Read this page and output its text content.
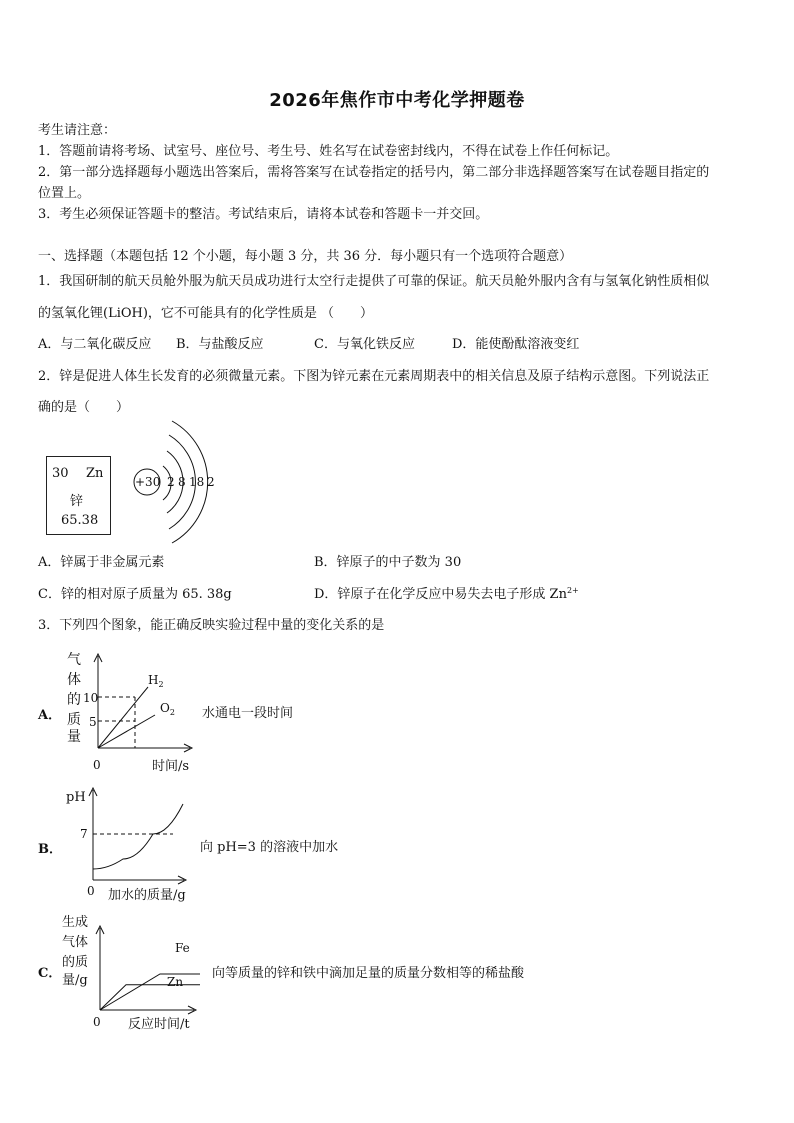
2026年焦作市中考化学押题卷
考生请注意：
1．答题前请将考场、试室号、座位号、考生号、姓名写在试卷密封线内，不得在试卷上作任何标记。
2．第一部分选择题每小题选出答案后，需将答案写在试卷指定的括号内，第二部分非选择题答案写在试卷题目指定的
位置上。
3．考生必须保证答题卡的整洁。考试结束后，请将本试卷和答题卡一并交回。
一、选择题（本题包括 12 个小题，每小题 3 分，共 36 分．每小题只有一个选项符合题意）
1．我国研制的航天员舱外服为航天员成功进行太空行走提供了可靠的保证。航天员舱外服内含有与氢氧化钠性质相似
的氢氧化锂(LiOH)，它不可能具有的化学性质是 （　　）
A．与二氧化碳反应 B．与盐酸反应	C．与氧化铁反应	D．能使酚酞溶液变红
2．锌是促进人体生长发育的必须微量元素。下图为锌元素在元素周期表中的相关信息及原子结构示意图。下列说法正
确的是（　　）
30 Zn
锌
65.38
+30 2 8 18 2
A．锌属于非金属元素	B．锌原子的中子数为 30
C．锌的相对原子质量为 65. 38g	D．锌原子在化学反应中易失去电子形成 $Zn^{2+}$
3．下列四个图象，能正确反映实验过程中量的变化关系的是
A．
气
体
的
质
量
10
5
$H_2$
$O_2$
0	时间/s
水通电一段时间
B．
pH
7
0 加水的质量/g
向 pH=3 的溶液中加水
C．
生成
气体
的质
量/g
Fe
Zn
0 反应时间/t
向等质量的锌和铁中滴加足量的质量分数相等的稀盐酸
